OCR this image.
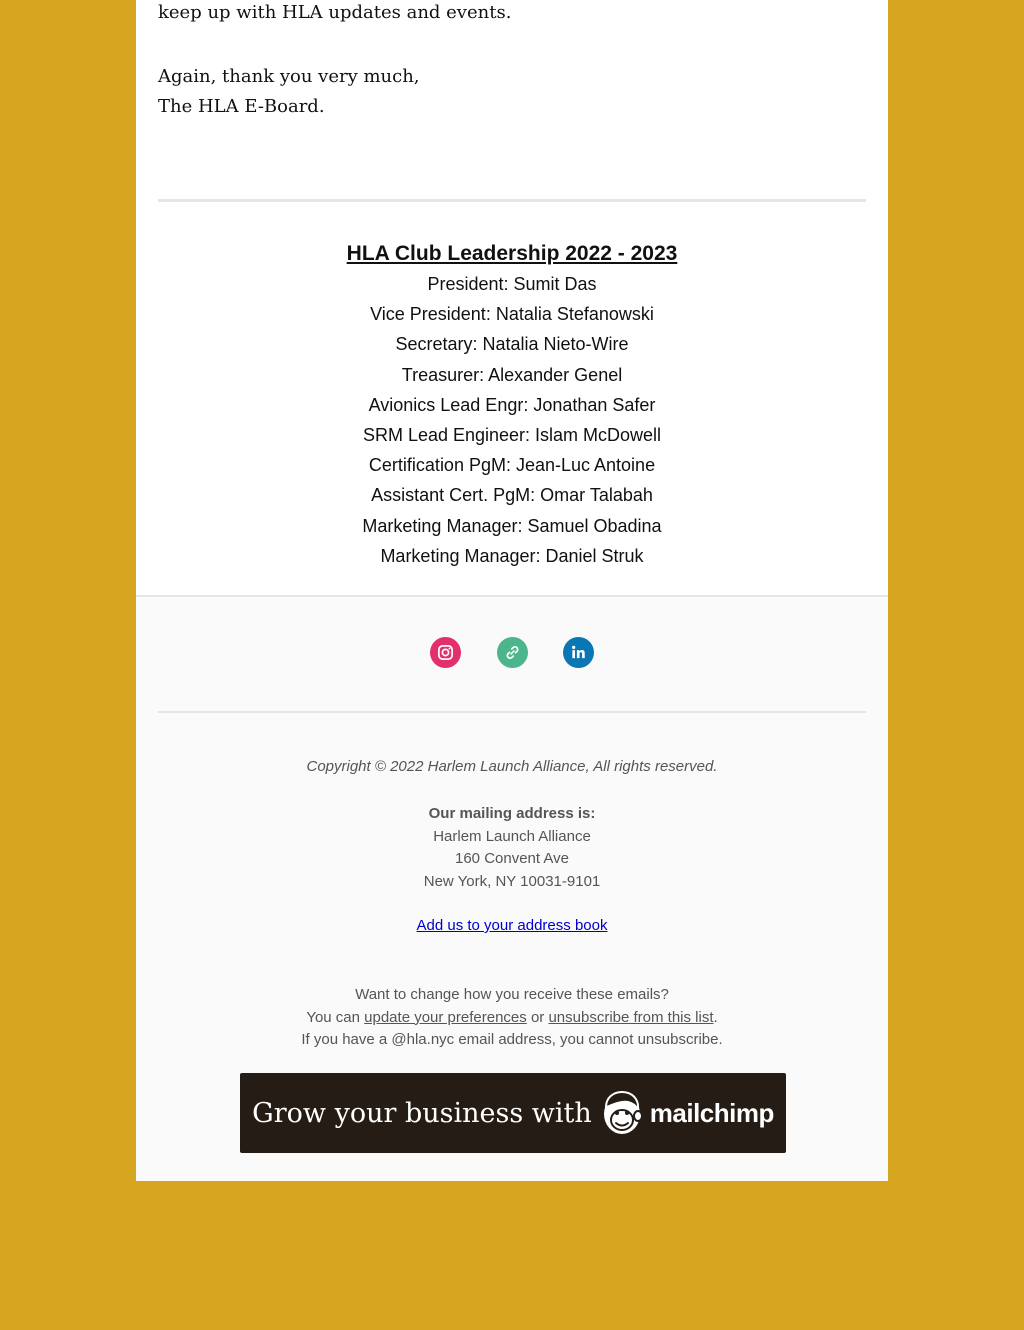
keep up with HLA updates and events.
Again, thank you very much,
The HLA E-Board.
HLA Club Leadership 2022 - 2023
President: Sumit Das
Vice President: Natalia Stefanowski
Secretary: Natalia Nieto-Wire
Treasurer: Alexander Genel
Avionics Lead Engr: Jonathan Safer
SRM Lead Engineer: Islam McDowell
Certification PgM: Jean-Luc Antoine
Assistant Cert. PgM: Omar Talabah
Marketing Manager: Samuel Obadina
Marketing Manager: Daniel Struk
Copyright © 2022 Harlem Launch Alliance, All rights reserved.
Our mailing address is:
Harlem Launch Alliance
160 Convent Ave
New York, NY 10031-9101
Add us to your address book
Want to change how you receive these emails?
You can update your preferences or unsubscribe from this list.
If you have a @hla.nyc email address, you cannot unsubscribe.
Grow your business with mailchimp
